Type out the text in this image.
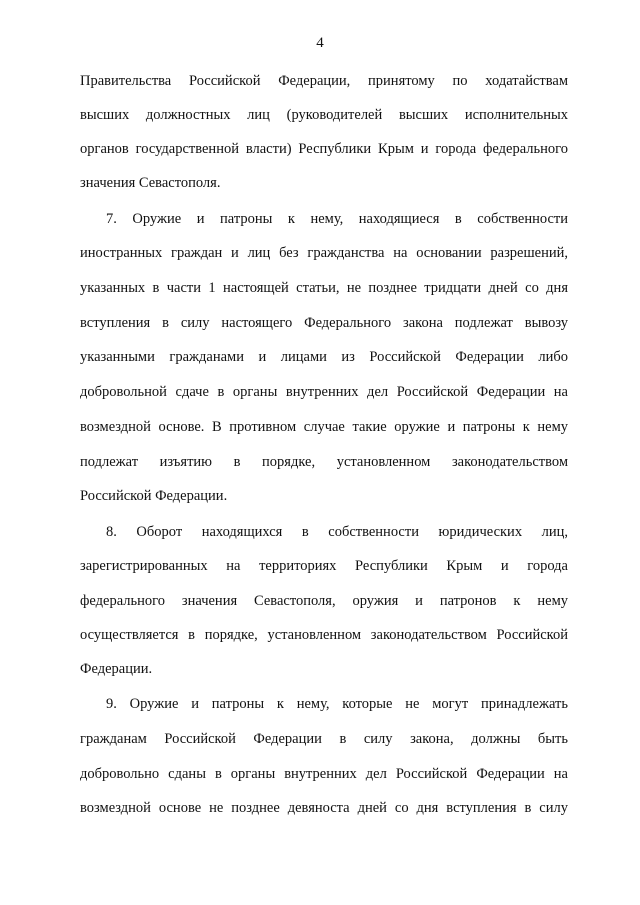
4
Правительства Российской Федерации, принятому по ходатайствам
высших должностных лиц (руководителей высших исполнительных
органов государственной власти) Республики Крым и города федерального
значения Севастополя.
7. Оружие и патроны к нему, находящиеся в собственности
иностранных граждан и лиц без гражданства на основании разрешений,
указанных в части 1 настоящей статьи, не позднее тридцати дней со дня
вступления в силу настоящего Федерального закона подлежат вывозу
указанными гражданами и лицами из Российской Федерации либо
добровольной сдаче в органы внутренних дел Российской Федерации на
возмездной основе. В противном случае такие оружие и патроны к нему
подлежат изъятию в порядке, установленном законодательством
Российской Федерации.
8. Оборот находящихся в собственности юридических лиц,
зарегистрированных на территориях Республики Крым и города
федерального значения Севастополя, оружия и патронов к нему
осуществляется в порядке, установленном законодательством Российской
Федерации.
9. Оружие и патроны к нему, которые не могут принадлежать
гражданам Российской Федерации в силу закона, должны быть
добровольно сданы в органы внутренних дел Российской Федерации на
возмездной основе не позднее девяноста дней со дня вступления в силу
